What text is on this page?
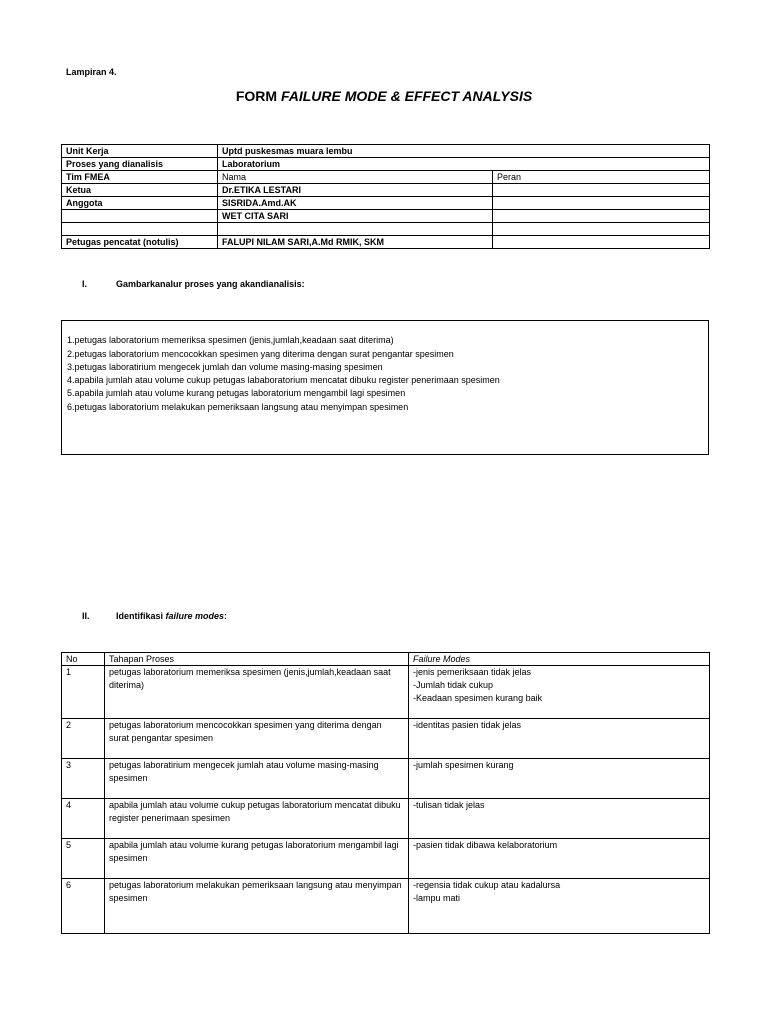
Lampiran 4.
FORM FAILURE MODE & EFFECT ANALYSIS
Unit Kerja	Uptd puskesmas muara lembu	
Proses yang dianalisis	Laboratorium	
Tim FMEA	Nama	Peran
Ketua	Dr.ETIKA LESTARI	
Anggota	SISRIDA.Amd.AK	
	WET CITA SARI	

Petugas pencatat (notulis)	FALUPI NILAM SARI,A.Md RMIK, SKM	
I.	Gambarkanalur proses yang akandianalisis:
1.petugas laboratorium memeriksa spesimen (jenis,jumlah,keadaan saat diterima)
2.petugas laboratorium mencocokkan spesimen yang diterima dengan surat pengantar spesimen
3.petugas laboratirium mengecek jumlah dan volume masing-masing spesimen
4.apabila jumlah atau volume cukup petugas lababoratorium mencatat dibuku register penerimaan spesimen
5.apabila jumlah atau volume kurang petugas laboratorium mengambil lagi spesimen
6.petugas laboratorium melakukan pemeriksaan langsung atau menyimpan spesimen
II.	Identifikasi failure modes:
No	Tahapan Proses	Failure Modes
1	petugas laboratorium memeriksa spesimen (jenis,jumlah,keadaan saat diterima)	-jenis pemeriksaan tidak jelas
-Jumlah tidak cukup
-Keadaan spesimen kurang baik

2	petugas laboratorium mencocokkan spesimen yang diterima dengan surat pengantar spesimen	-identitas pasien tidak jelas

3	petugas laboratirium mengecek jumlah atau volume masing-masing spesimen	-jumlah spesimen kurang

4	apabila jumlah atau volume cukup petugas laboratorium mencatat dibuku register penerimaan spesimen	-tulisan tidak jelas

5	apabila jumlah atau volume kurang petugas laboratorium mengambil lagi spesimen	-pasien tidak dibawa kelaboratorium

6	petugas laboratorium melakukan pemeriksaan langsung atau menyimpan spesimen	-regensia tidak cukup atau kadalursa
-lampu mati
